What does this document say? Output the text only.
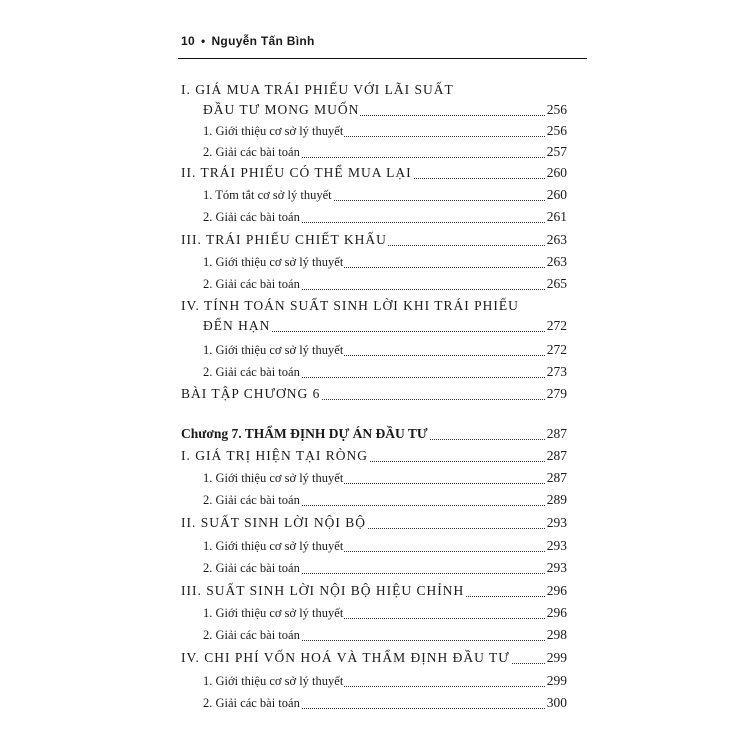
10 • Nguyễn Tấn Bình
I. GIÁ MUA TRÁI PHIẾU VỚI LÃI SUẤT
ĐẦU TƯ MONG MUỐN	256
1. Giới thiệu cơ sở lý thuyết	256
2. Giải các bài toán	257
II. TRÁI PHIẾU CÓ THỂ MUA LẠI	260
1. Tóm tắt cơ sở lý thuyết	260
2. Giải các bài toán	261
III. TRÁI PHIẾU CHIẾT KHẤU	263
1. Giới thiệu cơ sở lý thuyết	263
2. Giải các bài toán	265
IV. TÍNH TOÁN SUẤT SINH LỜI KHI TRÁI PHIẾU
ĐẾN HẠN	272
1. Giới thiệu cơ sở lý thuyết	272
2. Giải các bài toán	273
BÀI TẬP CHƯƠNG 6	279
Chương 7. THẨM ĐỊNH DỰ ÁN ĐẦU TƯ	287
I. GIÁ TRỊ HIỆN TẠI RÒNG	287
1. Giới thiệu cơ sở lý thuyết	287
2. Giải các bài toán	289
II. SUẤT SINH LỜI NỘI BỘ	293
1. Giới thiệu cơ sở lý thuyết	293
2. Giải các bài toán	293
III. SUẤT SINH LỜI NỘI BỘ HIỆU CHỈNH	296
1. Giới thiệu cơ sở lý thuyết	296
2. Giải các bài toán	298
IV. CHI PHÍ VỐN HOÁ VÀ THẨM ĐỊNH ĐẦU TƯ	299
1. Giới thiệu cơ sở lý thuyết	299
2. Giải các bài toán	300
